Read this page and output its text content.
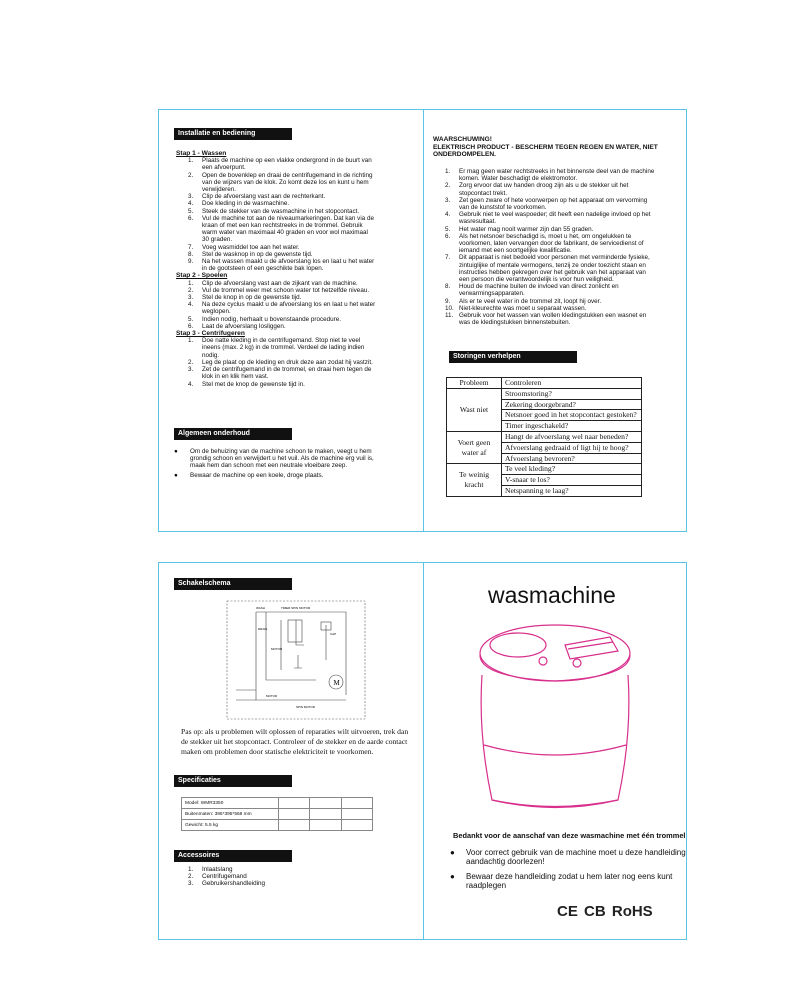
Installatie en bediening
Stap 1 - Wassen
1. Plaats de machine op een vlakke ondergrond in de buurt van
een afvoerpunt.
2. Open de bovenklep en draai de centrifugemand in de richting
van de wijzers van de klok. Zo komt deze los en kunt u hem
verwijderen.
3. Clip de afvoerslang vast aan de rechterkant.
4. Doe kleding in de wasmachine.
5. Steek de stekker van de wasmachine in het stopcontact.
6. Vul de machine tot aan de niveaumarkeringen. Dat kan via de
kraan of met een kan rechtstreeks in de trommel. Gebruik
warm water van maximaal 40 graden en voor wol maximaal
30 graden.
7. Voeg wasmiddel toe aan het water.
8. Stel de wasknop in op de gewenste tijd.
9. Na het wassen maakt u de afvoerslang los en laat u het water
in de gootsteen of een geschikte bak lopen.
Stap 2 - Spoelen
1. Clip de afvoerslang vast aan de zijkant van de machine.
2. Vul de trommel weer met schoon water tot hetzelfde niveau.
3. Stel de knop in op de gewenste tijd.
4. Na deze cyclus maakt u de afvoerslang los en laat u het water
weglopen.
5. Indien nodig, herhaalt u bovenstaande procedure.
6. Laat de afvoerslang losliggen.
Stap 3 - Centrifugeren
1. Doe natte kleding in de centrifugemand. Stop niet te veel
ineens (max. 2 kg) in de trommel. Verdeel de lading indien
nodig.
2. Leg de plaat op de kleding en druk deze aan zodat hij vastzit.
3. Zet de centrifugemand in de trommel, en draai hem tegen de
klok in en klik hem vast.
4. Stel met de knop de gewenste tijd in.
Algemeen onderhoud
● Om de behuizing van de machine schoon te maken, veegt u hem
grondig schoon en verwijdert u het vuil. Als de machine erg vuil is,
maak hem dan schoon met een neutrale vloeibare zeep.
● Bewaar de machine op een koele, droge plaats.
WAARSCHUWING!
ELEKTRISCH PRODUCT - BESCHERM TEGEN REGEN EN WATER, NIET
ONDERDOMPELEN.
1. Er mag geen water rechtstreeks in het binnenste deel van de machine
komen. Water beschadigt de elektromotor.
2. Zorg ervoor dat uw handen droog zijn als u de stekker uit het
stopcontact trekt.
3. Zet geen zware of hete voorwerpen op het apparaat om vervorming
van de kunststof te voorkomen.
4. Gebruik niet te veel waspoeder; dit heeft een nadelige invloed op het
wasresultaat.
5. Het water mag nooit warmer zijn dan 55 graden.
6. Als het netsnoer beschadigd is, moet u het, om ongelukken te
voorkomen, laten vervangen door de fabrikant, de servicedienst of
iemand met een soortgelijke kwalificatie.
7. Dit apparaat is niet bedoeld voor personen met verminderde fysieke,
zintuiglijke of mentale vermogens, tenzij ze onder toezicht staan en
instructies hebben gekregen over het gebruik van het apparaat van
een persoon die verantwoordelijk is voor hun veiligheid.
8. Houd de machine buiten de invloed van direct zonlicht en
verwarmingsapparaten.
9. Als er te veel water in de trommel zit, loopt hij over.
10. Niet-kleurechte was moet u separaat wassen.
11. Gebruik voor het wassen van wollen kledingstukken een wasnet en
was de kledingstukken binnenstebuiten.
Storingen verhelpen
Probleem	Controleren
Wast niet	Stroomstoring?
	Zekering doorgebrand?
	Netsnoer goed in het stopcontact gestoken?
	Timer ingeschakeld?
Voert geen
water af	Hangt de afvoerslang wel naar beneden?
	Afvoerslang gedraaid of ligt hij te hoog?
	Afvoerslang bevroren?
Te weinig kracht	Te veel kleding?
	V-snaar te los?
	Netspanning te laag?
Schakelschema
M
WASH	TIMER SPIN MOTOR
DRAIN
MOTOR
CAP
MOTOR
SPIN MOTOR
Pas op: als u problemen wilt oplossen of reparaties wilt uitvoeren, trek dan de stekker uit het stopcontact. Controleer of de stekker en de aarde contact maken om problemen door statische elektriciteit te voorkomen.
Specificaties
Model: WMR3350			
Buitenmaten: 395*395*568 mm			
Gewicht: 5.5 kg			
Accessoires
1. Inlaatslang
2. Centrifugemand
3. Gebruikershandleiding
wasmachine
Bedankt voor de aanschaf van deze wasmachine met één trommel
● Voor correct gebruik van de machine moet u deze handleiding
aandachtig doorlezen!
● Bewaar deze handleiding zodat u hem later nog eens kunt
raadplegen
CE CB RoHS
